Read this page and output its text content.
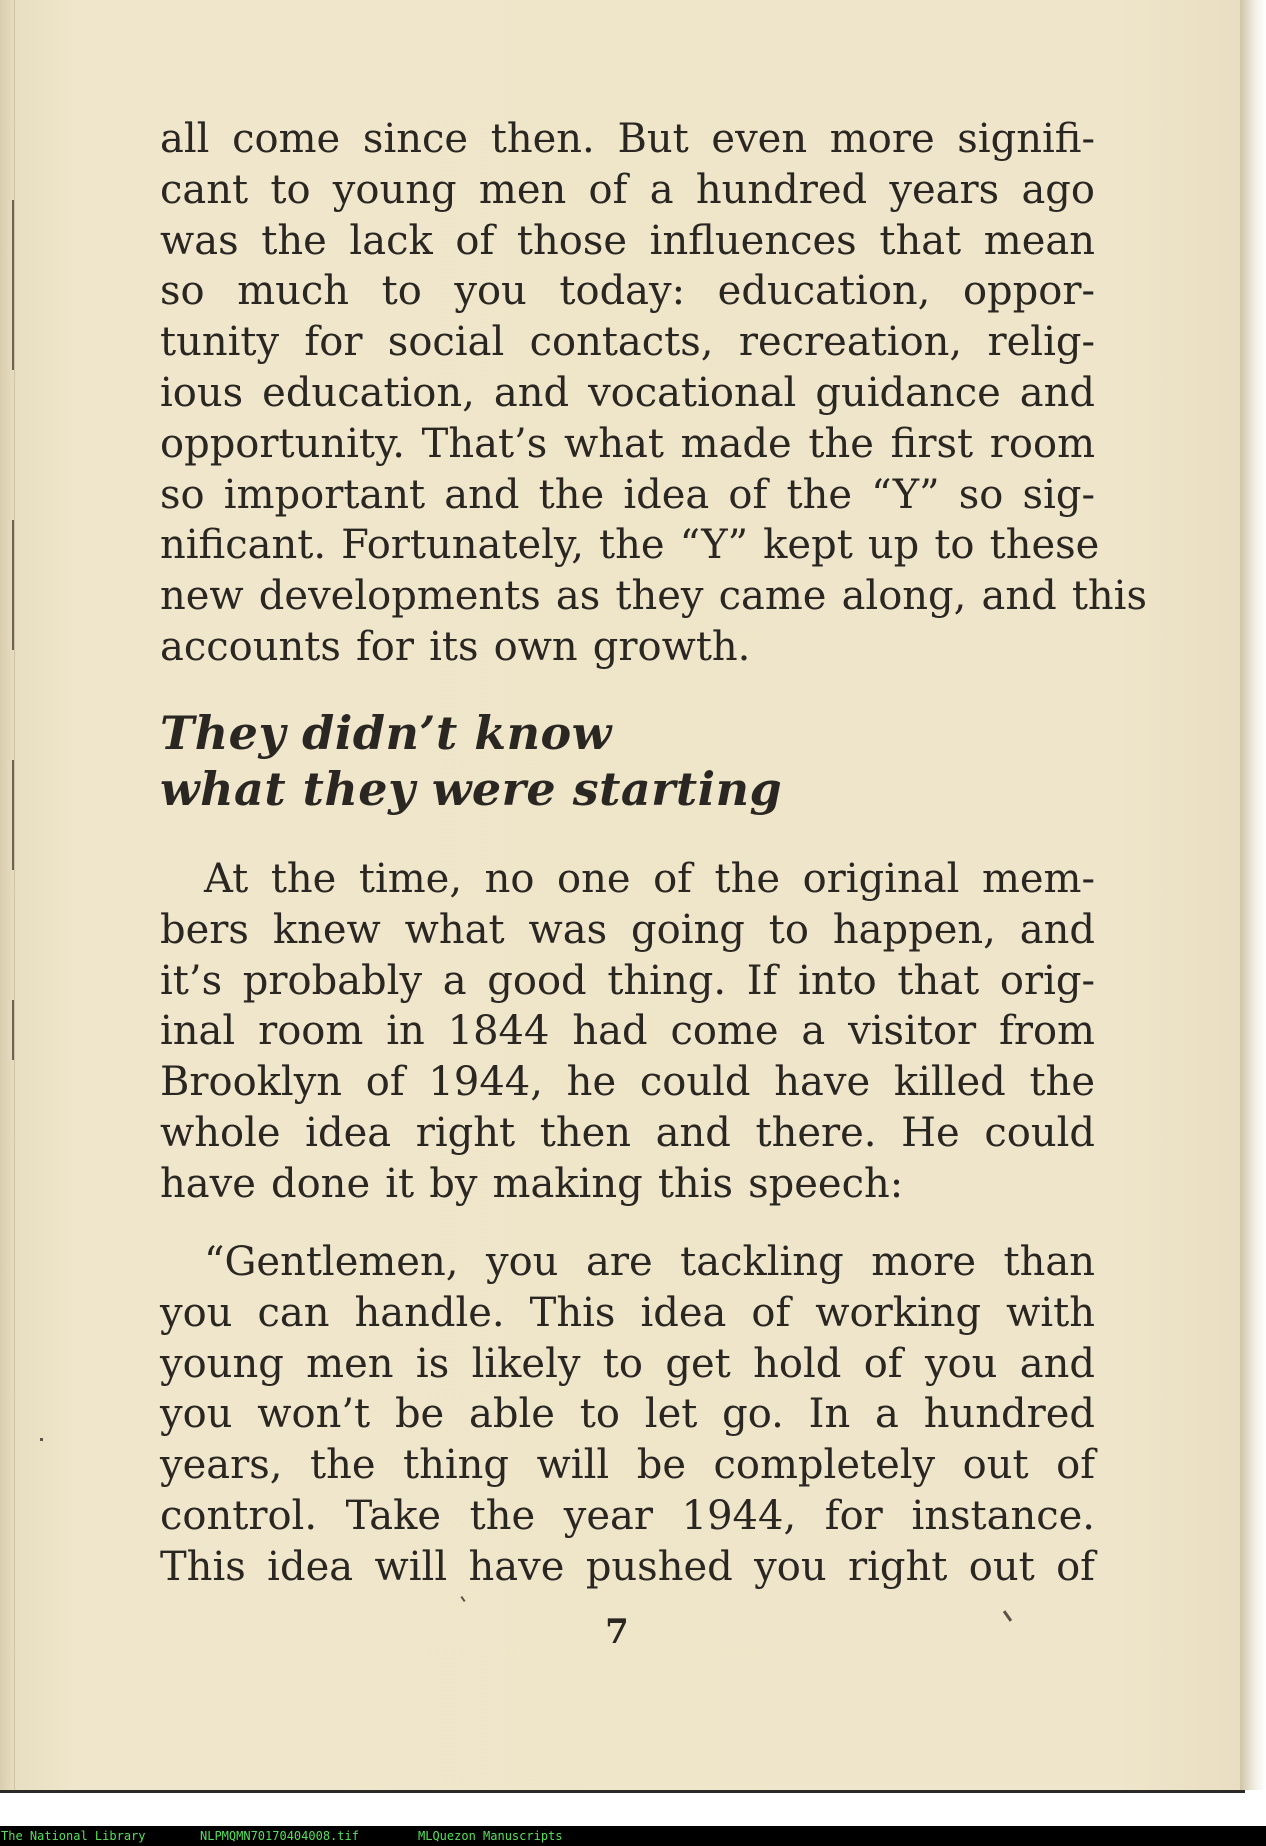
all come since then. But even more signifi-
cant to young men of a hundred years ago
was the lack of those influences that mean
so much to you today: education, oppor-
tunity for social contacts, recreation, relig-
ious education, and vocational guidance and
opportunity. That’s what made the first room
so important and the idea of the “Y” so sig-
nificant. Fortunately, the “Y” kept up to these
new developments as they came along, and this
accounts for its own growth.
They didn’t know
what they were starting
At the time, no one of the original mem-
bers knew what was going to happen, and
it’s probably a good thing. If into that orig-
inal room in 1844 had come a visitor from
Brooklyn of 1944, he could have killed the
whole idea right then and there. He could
have done it by making this speech:
“Gentlemen, you are tackling more than
you can handle. This idea of working with
young men is likely to get hold of you and
you won’t be able to let go. In a hundred
years, the thing will be completely out of
control. Take the year 1944, for instance.
This idea will have pushed you right out of
7
The National Library	NLPMQMN70170404008.tif	MLQuezon Manuscripts
